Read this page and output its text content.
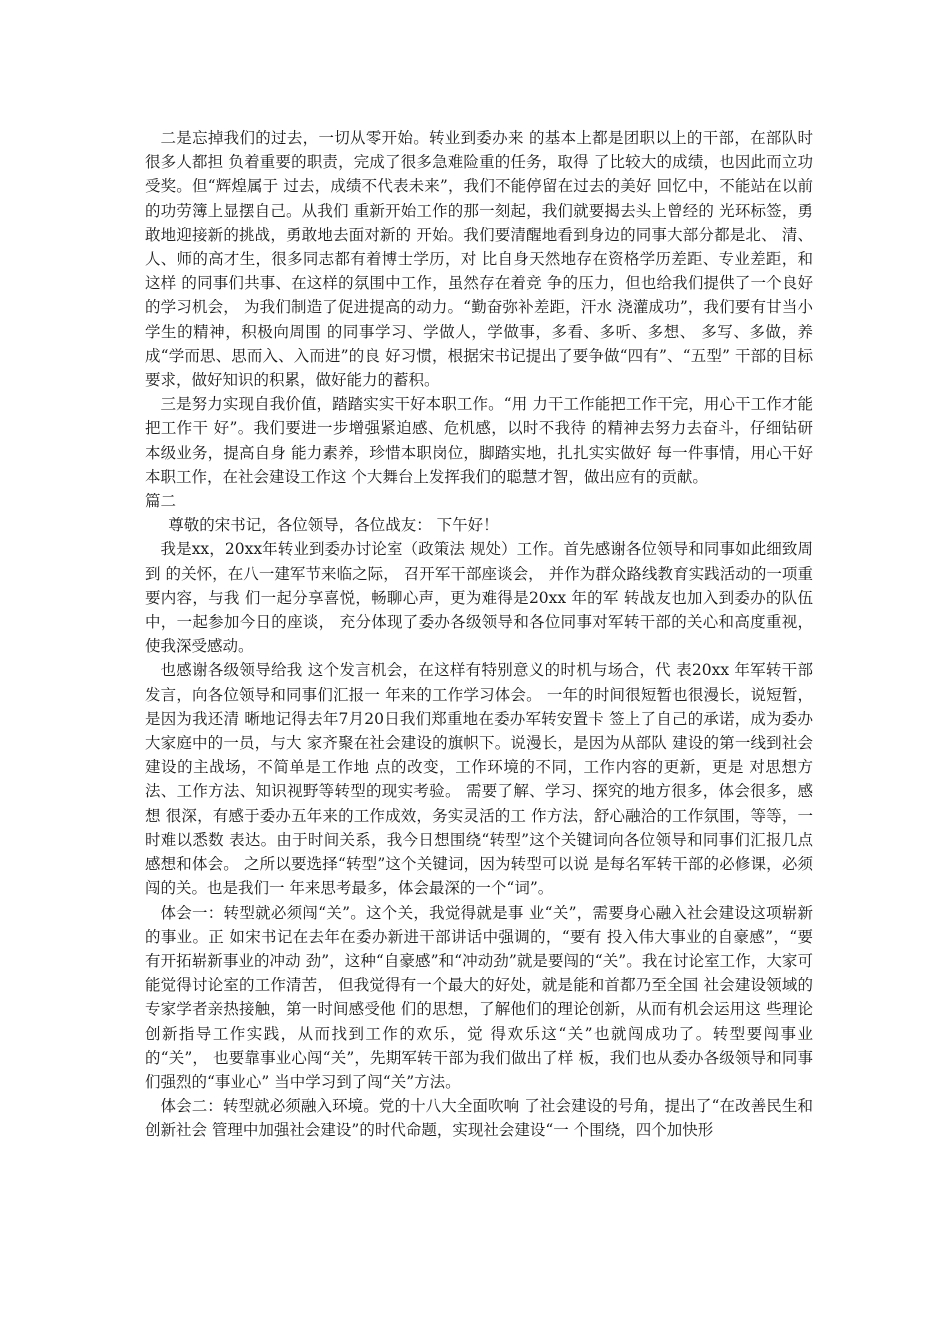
二是忘掉我们的过去，一切从零开始。转业到委办来 的基本上都是团职以上的干部，在部队时很多人都担 负着重要的职责，完成了很多急难险重的任务，取得 了比较大的成绩，也因此而立功受奖。但“辉煌属于 过去，成绩不代表未来”，我们不能停留在过去的美好 回忆中，不能站在以前的功劳簿上显摆自己。从我们 重新开始工作的那一刻起，我们就要揭去头上曾经的 光环标签，勇敢地迎接新的挑战，勇敢地去面对新的 开始。我们要清醒地看到身边的同事大部分都是北、 清、人、师的高才生，很多同志都有着博士学历，对 比自身天然地存在资格学历差距、专业差距，和这样 的同事们共事、在这样的氛围中工作，虽然存在着竞 争的压力，但也给我们提供了一个良好的学习机会， 为我们制造了促进提高的动力。“勤奋弥补差距，汗水 浇灌成功”，我们要有甘当小学生的精神，积极向周围 的同事学习、学做人，学做事，多看、多听、多想、 多写、多做，养成“学而思、思而入、入而进”的良 好习惯，根据宋书记提出了要争做“四有”、“五型” 干部的目标要求，做好知识的积累，做好能力的蓄积。

三是努力实现自我价值，踏踏实实干好本职工作。“用 力干工作能把工作干完，用心干工作才能把工作干 好”。我们要进一步增强紧迫感、危机感，以时不我待 的精神去努力去奋斗，仔细钻研本级业务，提高自身 能力素养，珍惜本职岗位，脚踏实地，扎扎实实做好 每一件事情，用心干好本职工作，在社会建设工作这 个大舞台上发挥我们的聪慧才智，做出应有的贡献。

篇二

尊敬的宋书记，各位领导，各位战友： 下午好！

我是xx，20xx年转业到委办讨论室（政策法 规处）工作。首先感谢各位领导和同事如此细致周到 的关怀，在八一建军节来临之际， 召开军干部座谈会， 并作为群众路线教育实践活动的一项重要内容，与我 们一起分享喜悦，畅聊心声，更为难得是20xx 年的军 转战友也加入到委办的队伍中，一起参加今日的座谈， 充分体现了委办各级领导和各位同事对军转干部的关心和高度重视，使我深受感动。

也感谢各级领导给我 这个发言机会，在这样有特别意义的时机与场合，代 表20xx 年军转干部发言，向各位领导和同事们汇报一 年来的工作学习体会。 一年的时间很短暂也很漫长，说短暂，是因为我还清 晰地记得去年7月20日我们郑重地在委办军转安置卡 签上了自己的承诺，成为委办大家庭中的一员，与大 家齐聚在社会建设的旗帜下。说漫长，是因为从部队 建设的第一线到社会建设的主战场，不简单是工作地 点的改变，工作环境的不同，工作内容的更新，更是 对思想方法、工作方法、知识视野等转型的现实考验。 需要了解、学习、探究的地方很多，体会很多，感想 很深，有感于委办五年来的工作成效，务实灵活的工 作方法，舒心融洽的工作氛围，等等，一时难以悉数 表达。由于时间关系，我今日想围绕“转型”这个关键词向各位领导和同事们汇报几点感想和体会。 之所以要选择“转型”这个关键词，因为转型可以说 是每名军转干部的必修课，必须闯的关。也是我们一 年来思考最多，体会最深的一个“词”。

体会一：转型就必须闯“关”。这个关，我觉得就是事 业“关”，需要身心融入社会建设这项崭新的事业。正 如宋书记在去年在委办新进干部讲话中强调的，“要有 投入伟大事业的自豪感”，“要有开拓崭新事业的冲动 劲”，这种“自豪感”和“冲动劲”就是要闯的“关”。我在讨论室工作，大家可能觉得讨论室的工作清苦， 但我觉得有一个最大的好处，就是能和首都乃至全国 社会建设领域的专家学者亲热接触，第一时间感受他 们的思想，了解他们的理论创新，从而有机会运用这 些理论创新指导工作实践，从而找到工作的欢乐，觉 得欢乐这“关”也就闯成功了。转型要闯事业的“关”， 也要靠事业心闯“关”，先期军转干部为我们做出了样 板，我们也从委办各级领导和同事们强烈的“事业心” 当中学习到了闯“关”方法。

体会二：转型就必须融入环境。党的十八大全面吹响 了社会建设的号角，提出了“在改善民生和创新社会 管理中加强社会建设”的时代命题，实现社会建设“一 个围绕，四个加快形
